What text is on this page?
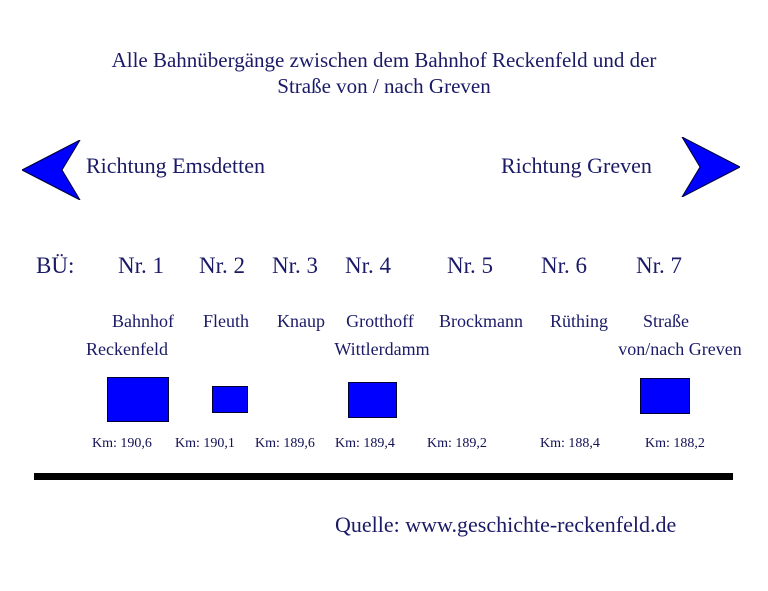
Alle Bahnübergänge zwischen dem Bahnhof Reckenfeld und der
Straße von / nach Greven
Richtung Emsdetten	Richtung Greven
BÜ: Nr. 1 Nr. 2 Nr. 3 Nr. 4 Nr. 5 Nr. 6 Nr. 7
Bahnhof
Reckenfeld
Fleuth	Knaup	Grotthoff
Wittlerdamm
Brockmann	Rüthing	Straße
von/nach Greven
Km: 190,6 Km: 190,1 Km: 189,6 Km: 189,4 Km: 189,2	Km: 188,4	Km: 188,2
Quelle: www.geschichte-reckenfeld.de
